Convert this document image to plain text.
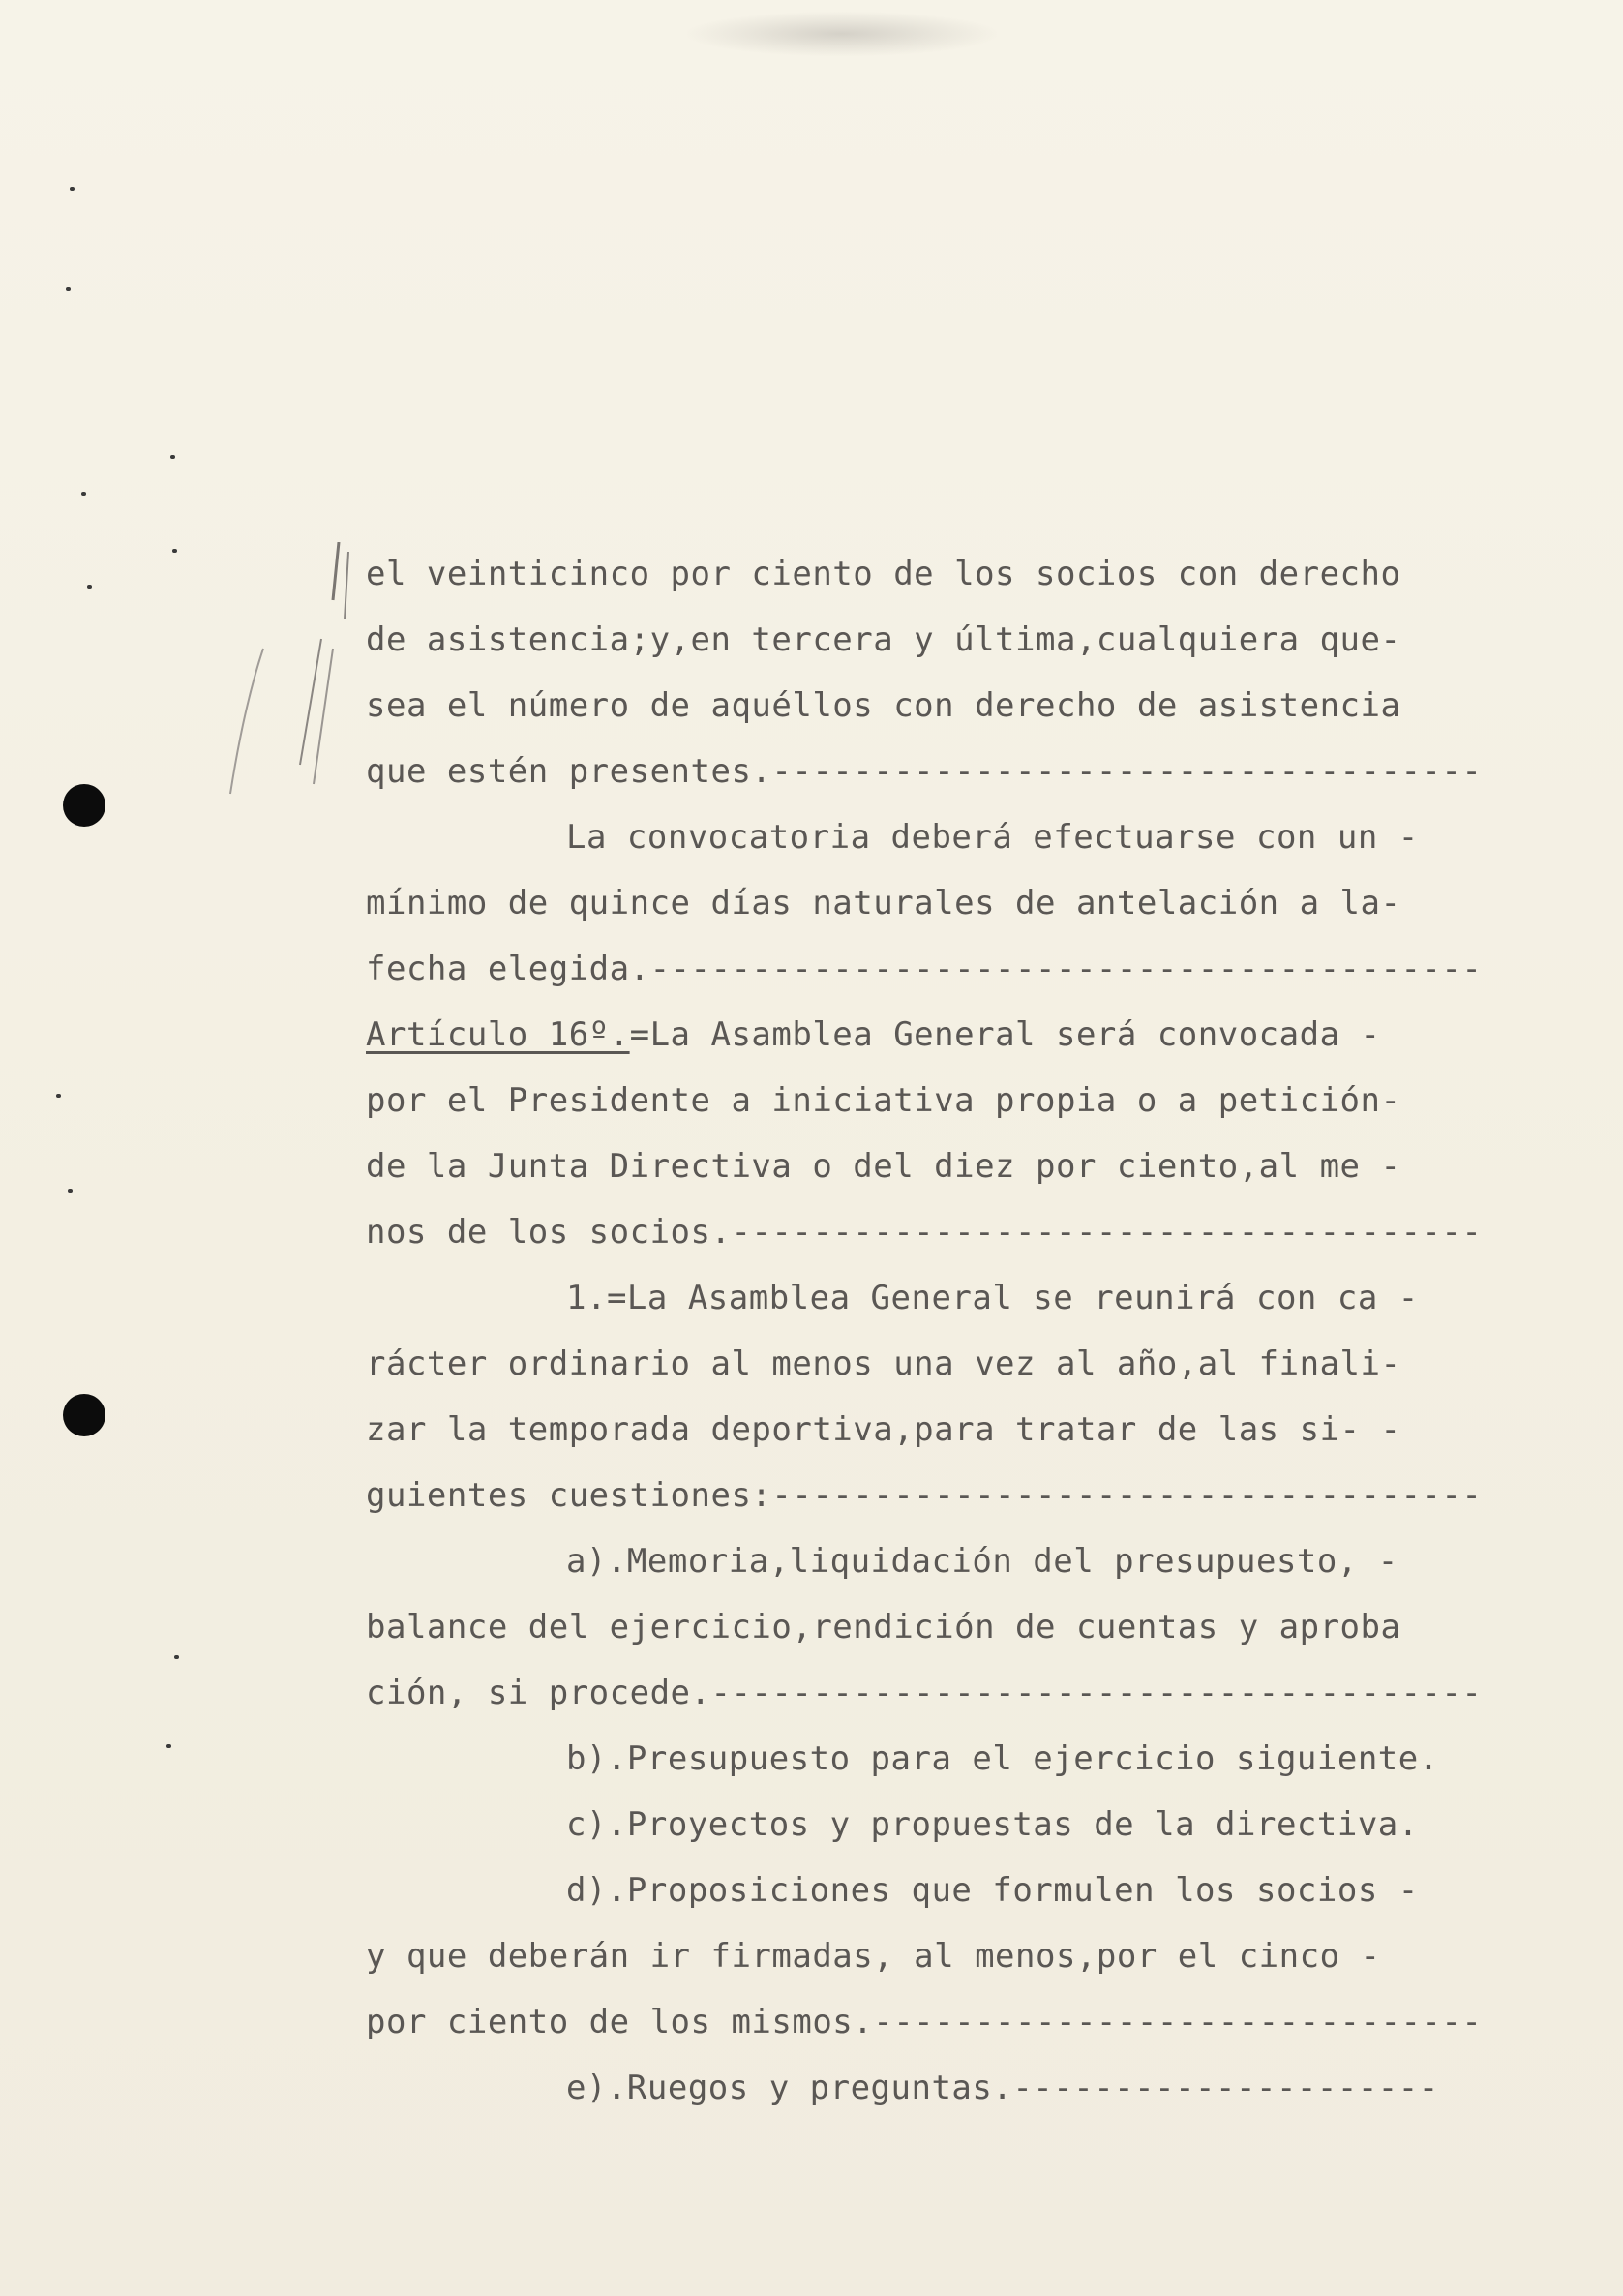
el veinticinco por ciento de los socios con derecho
de asistencia;y,en tercera y última,cualquiera que-
sea el número de aquéllos con derecho de asistencia
que estén presentes.-----------------------------------
La convocatoria deberá efectuarse con un -
mínimo de quince días naturales de antelación a la-
fecha elegida.-----------------------------------------
Artículo 16º.=La Asamblea General será convocada -
por el Presidente a iniciativa propia o a petición-
de la Junta Directiva o del diez por ciento,al me -
nos de los socios.-------------------------------------
1.=La Asamblea General se reunirá con ca -
rácter ordinario al menos una vez al año,al finali-
zar la temporada deportiva,para tratar de las si- -
guientes cuestiones:-----------------------------------
a).Memoria,liquidación del presupuesto, -
balance del ejercicio,rendición de cuentas y aproba
ción, si procede.--------------------------------------
b).Presupuesto para el ejercicio siguiente.
c).Proyectos y propuestas de la directiva.
d).Proposiciones que formulen los socios -
y que deberán ir firmadas, al menos,por el cinco -
por ciento de los mismos.------------------------------
e).Ruegos y preguntas.---------------------
